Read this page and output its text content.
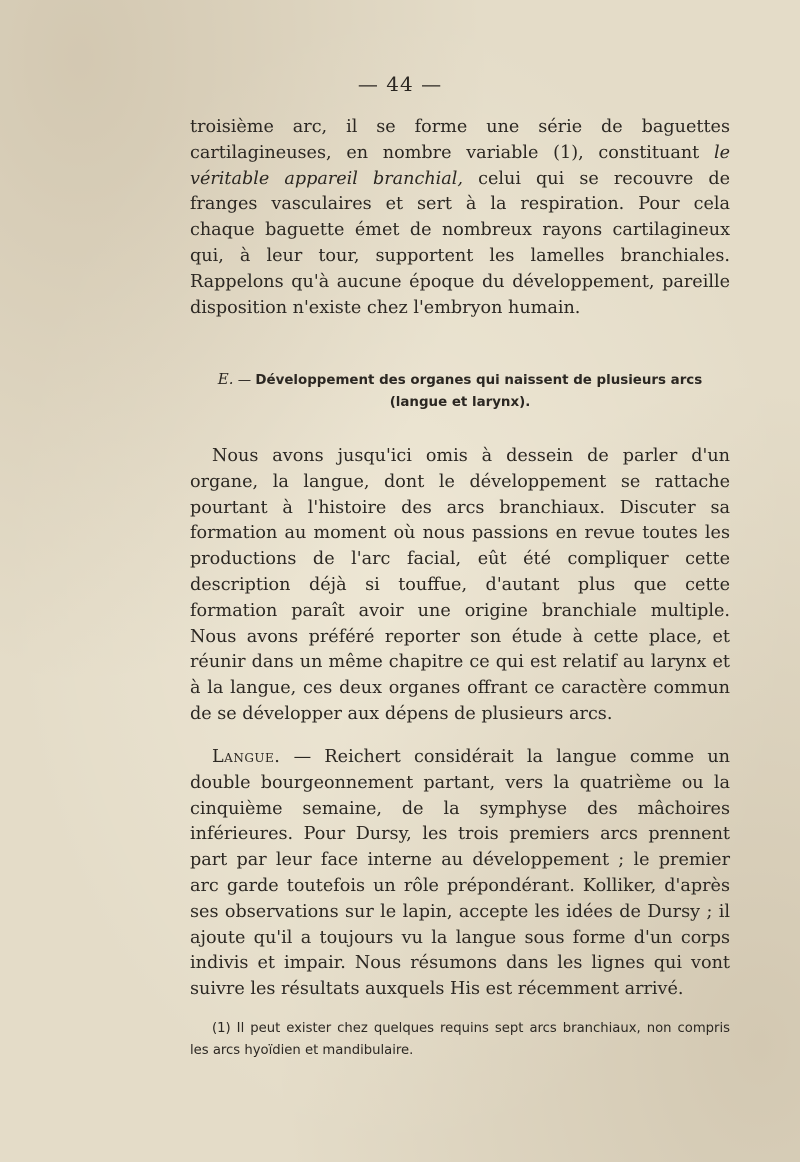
— 44 —

troisième arc, il se forme une série de baguettes cartilagineuses, en nombre variable (1), constituant le véritable appareil branchial, celui qui se recouvre de franges vasculaires et sert à la respiration. Pour cela chaque baguette émet de nombreux rayons cartilagineux qui, à leur tour, supportent les lamelles branchiales. Rappelons qu'à aucune époque du développement, pareille disposition n'existe chez l'embryon humain.

E. — Développement des organes qui naissent de plusieurs arcs (langue et larynx).

Nous avons jusqu'ici omis à dessein de parler d'un organe, la langue, dont le développement se rattache pourtant à l'histoire des arcs branchiaux. Discuter sa formation au moment où nous passions en revue toutes les productions de l'arc facial, eût été compliquer cette description déjà si touffue, d'autant plus que cette formation paraît avoir une origine branchiale multiple. Nous avons préféré reporter son étude à cette place, et réunir dans un même chapitre ce qui est relatif au larynx et à la langue, ces deux organes offrant ce caractère commun de se développer aux dépens de plusieurs arcs.

Langue. — Reichert considérait la langue comme un double bourgeonnement partant, vers la quatrième ou la cinquième semaine, de la symphyse des mâchoires inférieures. Pour Dursy, les trois premiers arcs prennent part par leur face interne au développement ; le premier arc garde toutefois un rôle prépondérant. Kolliker, d'après ses observations sur le lapin, accepte les idées de Dursy ; il ajoute qu'il a toujours vu la langue sous forme d'un corps indivis et impair. Nous résumons dans les lignes qui vont suivre les résultats auxquels His est récemment arrivé.

(1) Il peut exister chez quelques requins sept arcs branchiaux, non compris les arcs hyoïdien et mandibulaire.
